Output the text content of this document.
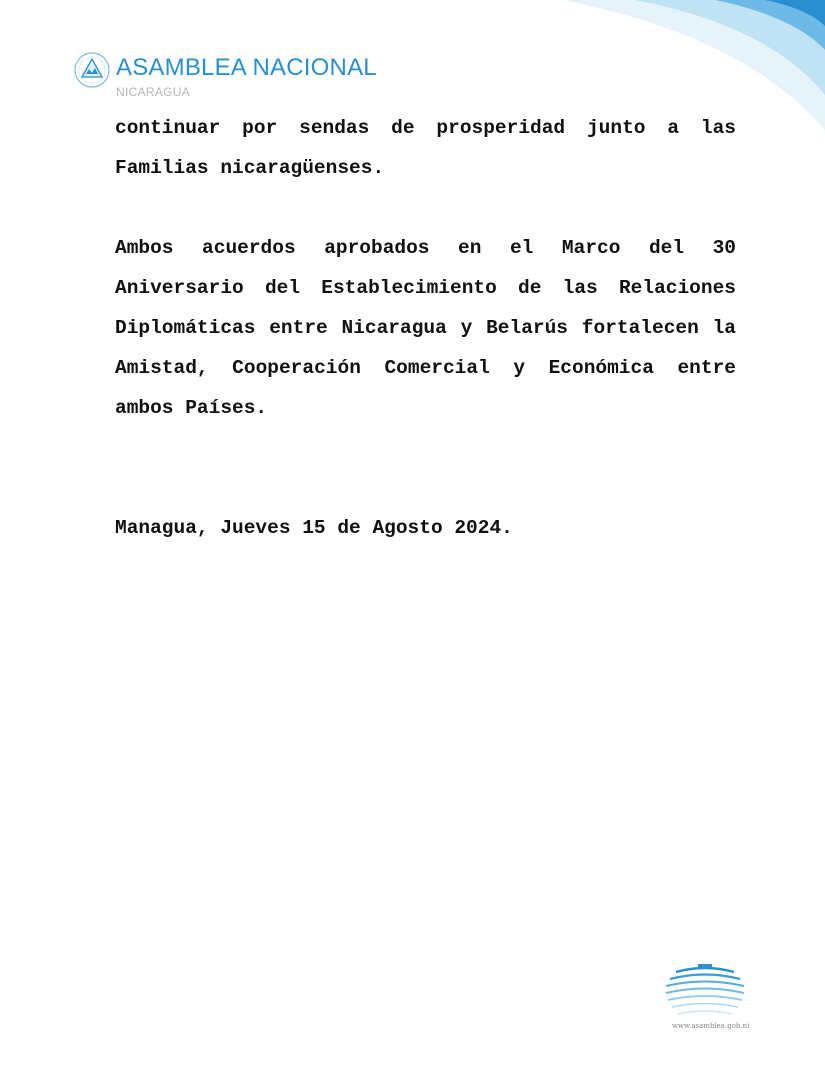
ASAMBLEA NACIONAL
NICARAGUA

continuar por sendas de prosperidad junto a las Familias nicaragüenses.

Ambos acuerdos aprobados en el Marco del 30 Aniversario del Establecimiento de las Relaciones Diplomáticas entre Nicaragua y Belarús fortalecen la Amistad, Cooperación Comercial y Económica entre ambos Países.

Managua, Jueves 15 de Agosto 2024.

www.asamblea.gob.ni
